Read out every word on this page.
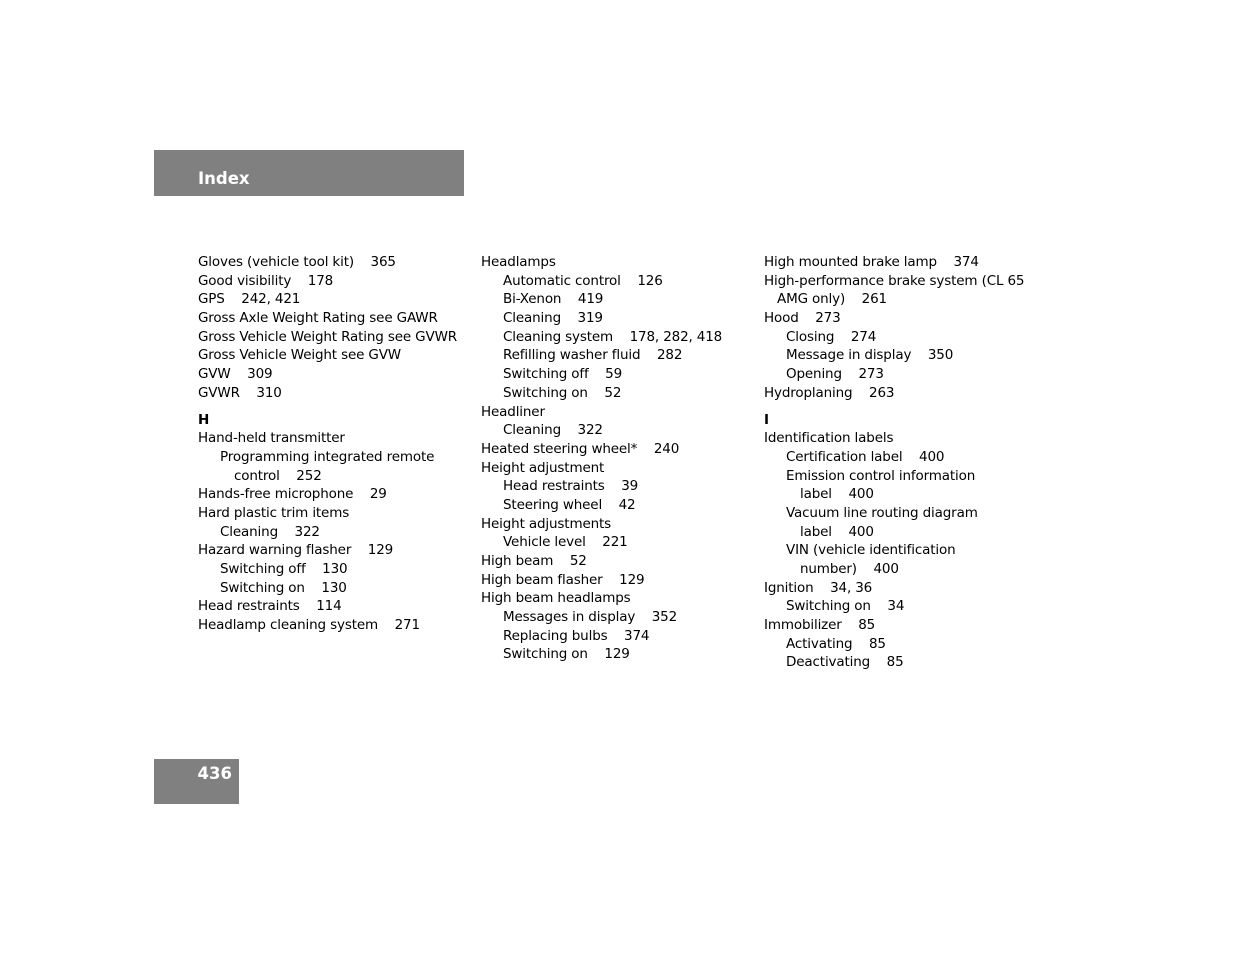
Index
Gloves (vehicle tool kit)    365
Good visibility    178
GPS    242, 421
Gross Axle Weight Rating see GAWR
Gross Vehicle Weight Rating see GVWR
Gross Vehicle Weight see GVW
GVW    309
GVWR    310
H
Hand-held transmitter
Programming integrated remote
control    252
Hands-free microphone    29
Hard plastic trim items
Cleaning    322
Hazard warning flasher    129
Switching off    130
Switching on    130
Head restraints    114
Headlamp cleaning system    271
Headlamps
Automatic control    126
Bi-Xenon    419
Cleaning    319
Cleaning system    178, 282, 418
Refilling washer fluid    282
Switching off    59
Switching on    52
Headliner
Cleaning    322
Heated steering wheel*    240
Height adjustment
Head restraints    39
Steering wheel    42
Height adjustments
Vehicle level    221
High beam    52
High beam flasher    129
High beam headlamps
Messages in display    352
Replacing bulbs    374
Switching on    129
High mounted brake lamp    374
High-performance brake system (CL 65
AMG only)    261
Hood    273
Closing    274
Message in display    350
Opening    273
Hydroplaning    263
I
Identification labels
Certification label    400
Emission control information
label    400
Vacuum line routing diagram
label    400
VIN (vehicle identification
number)    400
Ignition    34, 36
Switching on    34
Immobilizer    85
Activating    85
Deactivating    85
436
